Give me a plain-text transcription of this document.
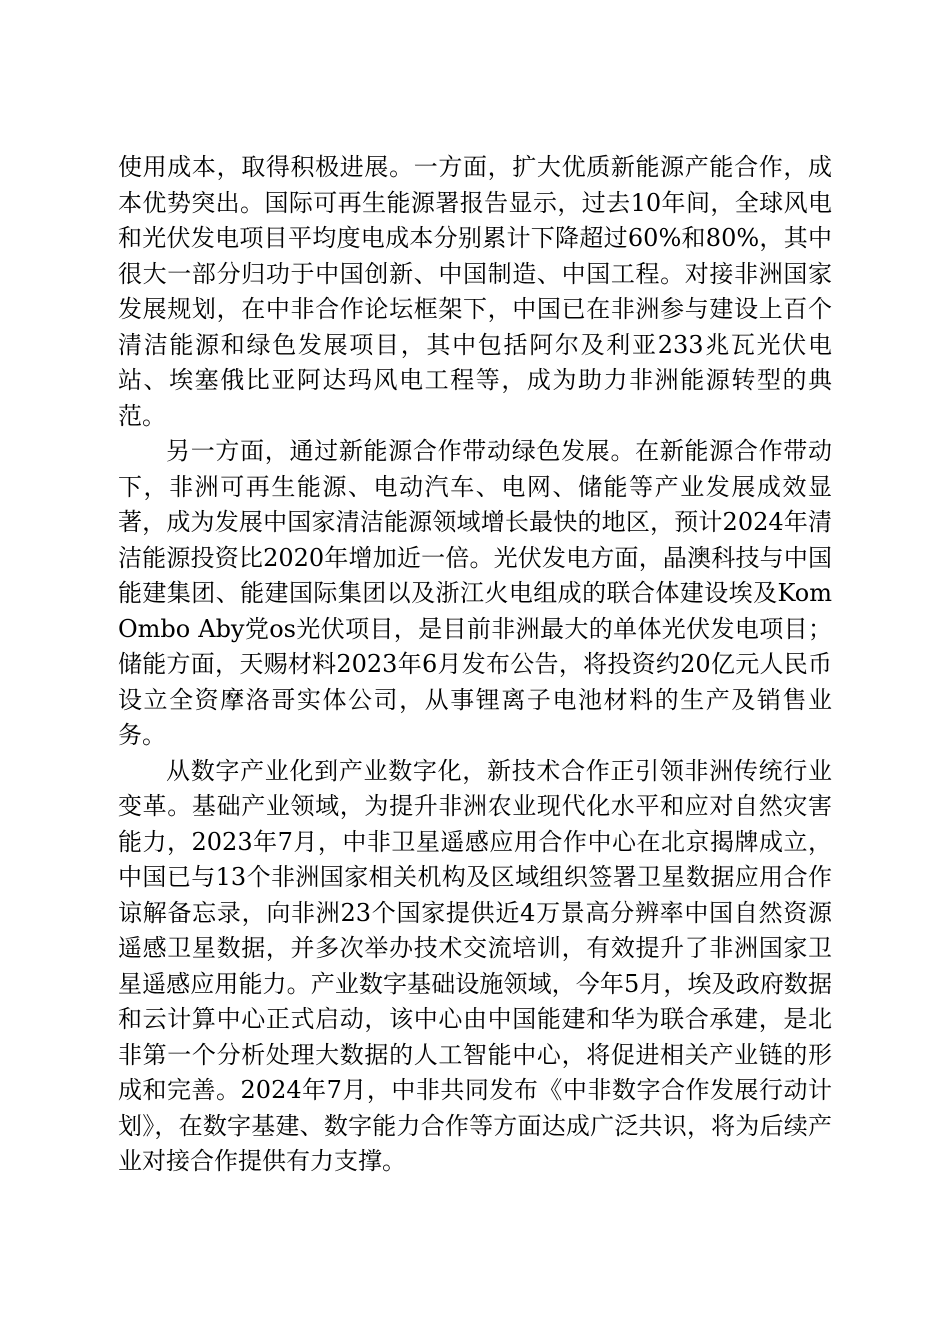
使用成本，取得积极进展。一方面，扩大优质新能源产能合作，成本优势突出。国际可再生能源署报告显示，过去10年间，全球风电和光伏发电项目平均度电成本分别累计下降超过60%和80%，其中很大一部分归功于中国创新、中国制造、中国工程。对接非洲国家发展规划，在中非合作论坛框架下，中国已在非洲参与建设上百个清洁能源和绿色发展项目，其中包括阿尔及利亚233兆瓦光伏电站、埃塞俄比亚阿达玛风电工程等，成为助力非洲能源转型的典范。

另一方面，通过新能源合作带动绿色发展。在新能源合作带动下，非洲可再生能源、电动汽车、电网、储能等产业发展成效显著，成为发展中国家清洁能源领域增长最快的地区，预计2024年清洁能源投资比2020年增加近一倍。光伏发电方面，晶澳科技与中国能建集团、能建国际集团以及浙江火电组成的联合体建设埃及Kom Ombo Aby党os光伏项目，是目前非洲最大的单体光伏发电项目；储能方面，天赐材料2023年6月发布公告，将投资约20亿元人民币设立全资摩洛哥实体公司，从事锂离子电池材料的生产及销售业务。

从数字产业化到产业数字化，新技术合作正引领非洲传统行业变革。基础产业领域，为提升非洲农业现代化水平和应对自然灾害能力，2023年7月，中非卫星遥感应用合作中心在北京揭牌成立，中国已与13个非洲国家相关机构及区域组织签署卫星数据应用合作谅解备忘录，向非洲23个国家提供近4万景高分辨率中国自然资源遥感卫星数据，并多次举办技术交流培训，有效提升了非洲国家卫星遥感应用能力。产业数字基础设施领域，今年5月，埃及政府数据和云计算中心正式启动，该中心由中国能建和华为联合承建，是北非第一个分析处理大数据的人工智能中心，将促进相关产业链的形成和完善。2024年7月，中非共同发布《中非数字合作发展行动计划》，在数字基建、数字能力合作等方面达成广泛共识，将为后续产业对接合作提供有力支撑。
